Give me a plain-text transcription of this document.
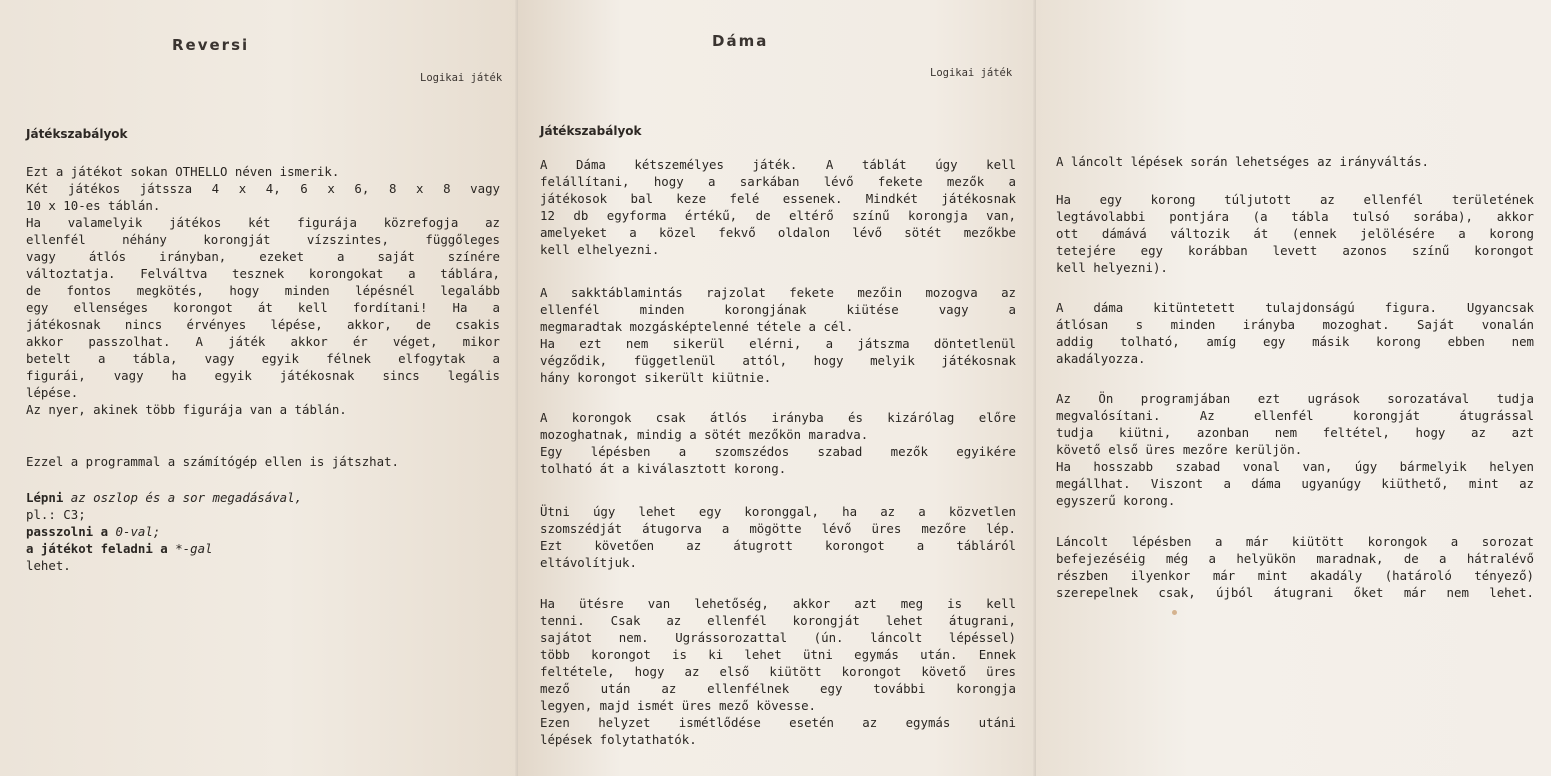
Reversi
Logikai játék
Játékszabályok

Ezt a játékot sokan OTHELLO néven ismerik.

Két játékos játssza 4 x 4, 6 x 6, 8 x 8 vagy

10 x 10-es táblán.

Ha valamelyik játékos két figurája közrefogja az

ellenfél néhány korongját vízszintes, függőleges

vagy átlós irányban, ezeket a saját színére

változtatja. Felváltva tesznek korongokat a táblára,

de fontos megkötés, hogy minden lépésnél legalább

egy ellenséges korongot át kell fordítani! Ha a

játékosnak nincs érvényes lépése, akkor, de csakis

akkor passzolhat. A játék akkor ér véget, mikor

betelt a tábla, vagy egyik félnek elfogytak a

figurái, vagy ha egyik játékosnak sincs legális

lépése.

Az nyer, akinek több figurája van a táblán.

Ezzel a programmal a számítógép ellen is játszhat.

Lépni az oszlop és a sor megadásával,

pl.: C3;

passzolni a 0-val;

a játékot feladni a *-gal

lehet.

Dáma
Logikai játék
Játékszabályok

A Dáma kétszemélyes játék. A táblát úgy kell

felállítani, hogy a sarkában lévő fekete mezők a

játékosok bal keze felé essenek. Mindkét játékosnak

12 db egyforma értékű, de eltérő színű korongja van,

amelyeket a közel fekvő oldalon lévő sötét mezőkbe

kell elhelyezni.

A sakktáblamintás rajzolat fekete mezőin mozogva az

ellenfél minden korongjának kiütése vagy a

megmaradtak mozgásképtelenné tétele a cél.

Ha ezt nem sikerül elérni, a játszma döntetlenül

végződik, függetlenül attól, hogy melyik játékosnak

hány korongot sikerült kiütnie.

A korongok csak átlós irányba és kizárólag előre

mozoghatnak, mindig a sötét mezőkön maradva.

Egy lépésben a szomszédos szabad mezők egyikére

tolható át a kiválasztott korong.

Ütni úgy lehet egy koronggal, ha az a közvetlen

szomszédját átugorva a mögötte lévő üres mezőre lép.

Ezt követően az átugrott korongot a tábláról

eltávolítjuk.

Ha ütésre van lehetőség, akkor azt meg is kell

tenni. Csak az ellenfél korongját lehet átugrani,

sajátot nem. Ugrássorozattal (ún. láncolt lépéssel)

több korongot is ki lehet ütni egymás után. Ennek

feltétele, hogy az első kiütött korongot követő üres

mező után az ellenfélnek egy további korongja

legyen, majd ismét üres mező kövesse.

Ezen helyzet ismétlődése esetén az egymás utáni

lépések folytathatók.

A láncolt lépések során lehetséges az irányváltás.

Ha egy korong túljutott az ellenfél területének

legtávolabbi pontjára (a tábla tulsó sorába), akkor

ott dámává változik át (ennek jelölésére a korong

tetejére egy korábban levett azonos színű korongot

kell helyezni).

A dáma kitüntetett tulajdonságú figura. Ugyancsak

átlósan s minden irányba mozoghat. Saját vonalán

addig tolható, amíg egy másik korong ebben nem

akadályozza.

Az Ön programjában ezt ugrások sorozatával tudja

megvalósítani. Az ellenfél korongját átugrással

tudja kiütni, azonban nem feltétel, hogy az azt

követő első üres mezőre kerüljön.

Ha hosszabb szabad vonal van, úgy bármelyik helyen

megállhat. Viszont a dáma ugyanúgy kiüthető, mint az

egyszerű korong.

Láncolt lépésben a már kiütött korongok a sorozat

befejezéséig még a helyükön maradnak, de a hátralévő

részben ilyenkor már mint akadály (határoló tényező)

szerepelnek csak, újból átugrani őket már nem lehet.
